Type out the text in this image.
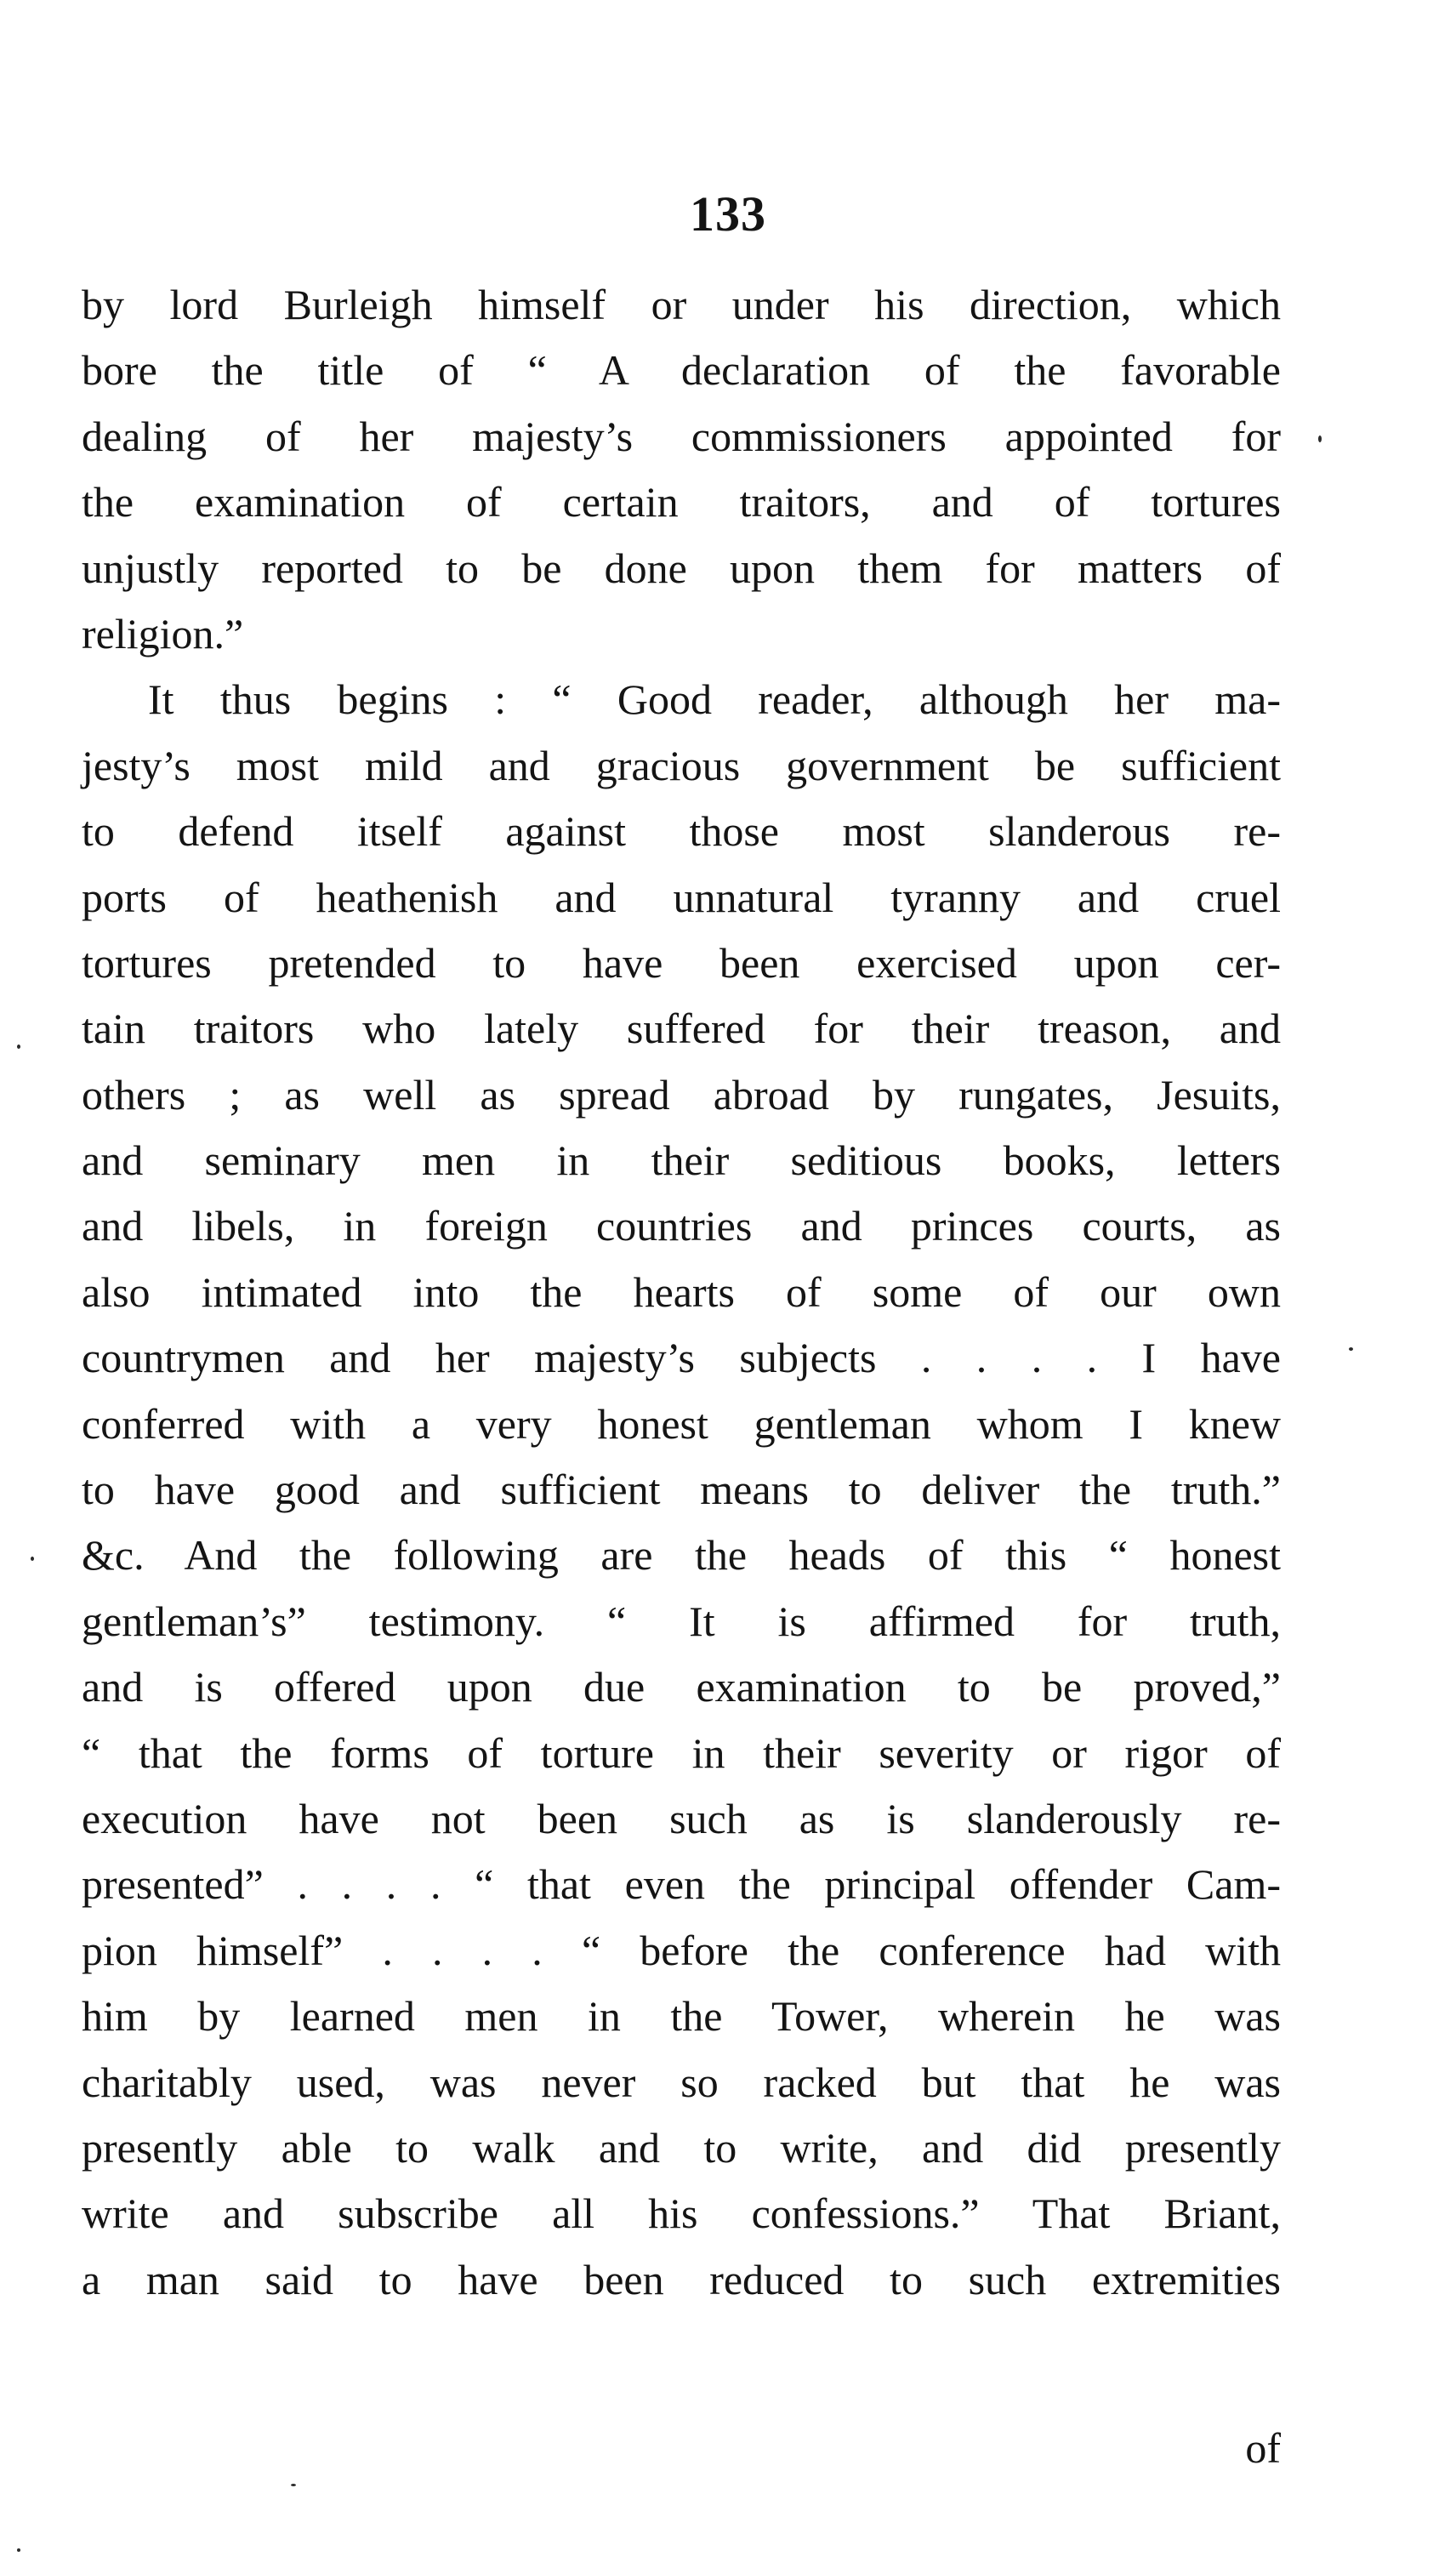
133
by lord Burleigh himself or under his direction, which
bore the title of “ A declaration of the favorable
dealing of her majesty’s commissioners appointed for
the examination of certain traitors, and of tortures
unjustly reported to be done upon them for matters of
religion.”
It thus begins : “ Good reader, although her ma-
jesty’s most mild and gracious government be sufficient
to defend itself against those most slanderous re-
ports of heathenish and unnatural tyranny and cruel
tortures pretended to have been exercised upon cer-
tain traitors who lately suffered for their treason, and
others ; as well as spread abroad by rungates, Jesuits,
and seminary men in their seditious books, letters
and libels, in foreign countries and princes courts, as
also intimated into the hearts of some of our own
countrymen and her majesty’s subjects . . . . I have
conferred with a very honest gentleman whom I knew
to have good and sufficient means to deliver the truth.”
&c. And the following are the heads of this “ honest
gentleman’s” testimony. “ It is affirmed for truth,
and is offered upon due examination to be proved,”
“ that the forms of torture in their severity or rigor of
execution have not been such as is slanderously re-
presented” . . . . “ that even the principal offender Cam-
pion himself” . . . . “ before the conference had with
him by learned men in the Tower, wherein he was
charitably used, was never so racked but that he was
presently able to walk and to write, and did presently
write and subscribe all his confessions.” That Briant,
a man said to have been reduced to such extremities
of
